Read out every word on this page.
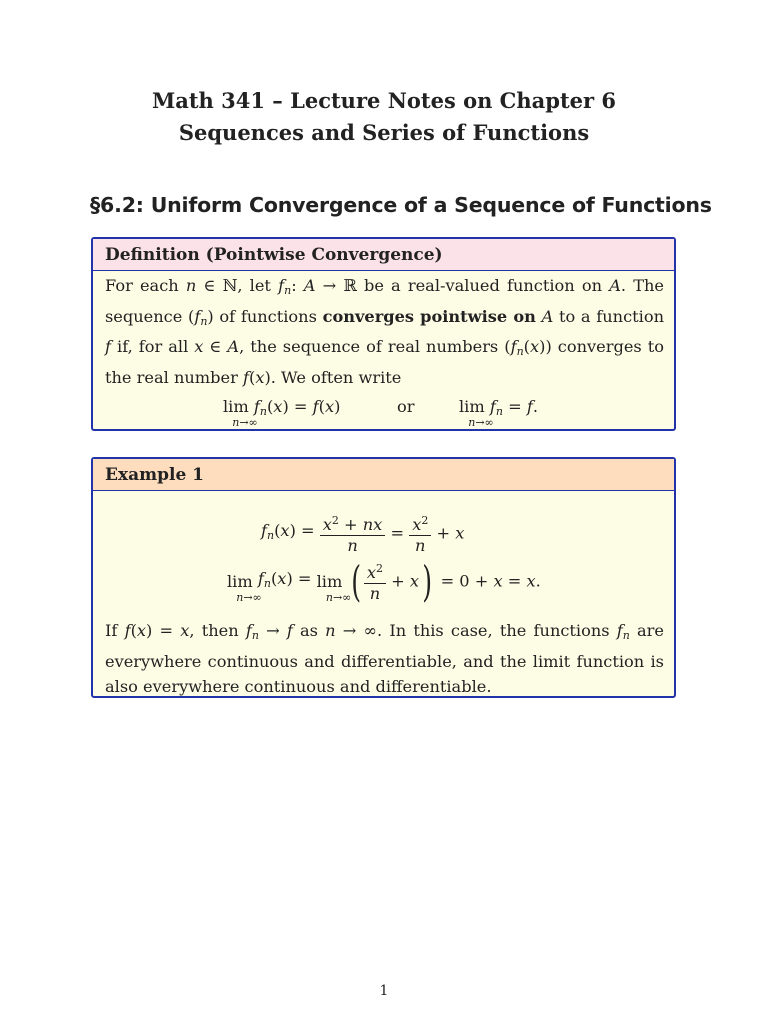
Math 341 – Lecture Notes on Chapter 6
Sequences and Series of Functions
§6.2: Uniform Convergence of a Sequence of Functions
Definition (Pointwise Convergence)
For each n ∈ ℕ, let $f_n$: A → ℝ be a real-valued function on A. The sequence $(f_n)$ of functions converges pointwise on A to a function f if, for all x ∈ A, the sequence of real numbers $(f_n(x))$ converges to the real number f(x). We often write
lim
n→∞
$f_n(x) = f(x)$	or	lim
n→∞
$f_n = f$.
Example 1
$f_n(x) = \frac{x^2 + nx}{n} = \frac{x^2}{n} + x$
lim
n→∞
$f_n(x) = \lim$
n→∞ ( $\frac{x^2}{n} + x) = 0 + x = x$.
If f(x) = x, then $f_n \to f$ as n → ∞. In this case, the functions $f_n$ are everywhere continuous and differentiable, and the limit function is also everywhere continuous and differentiable.
1
